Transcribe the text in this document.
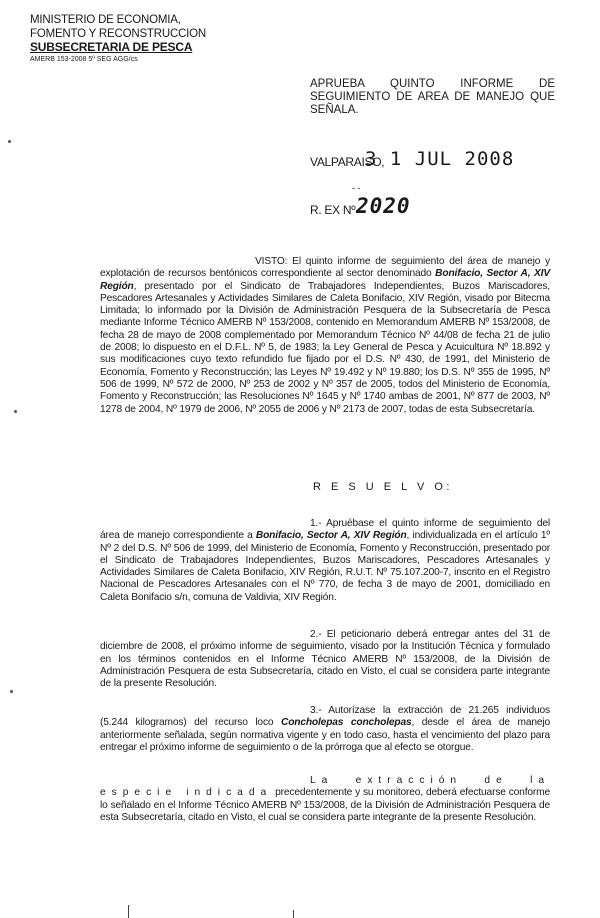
MINISTERIO DE ECONOMIA,
FOMENTO Y RECONSTRUCCION
SUBSECRETARIA DE PESCA
AMERB 153-2008 5º SEG AGG/cs
APRUEBA QUINTO INFORME DE SEGUIMIENTO DE AREA DE MANEJO QUE SEÑALA.
VALPARAISO,
3 1 JUL 2008
- -
R. EX Nº 2020
VISTO: El quinto informe de seguimiento del área de manejo y explotación de recursos bentónicos correspondiente al sector denominado Bonifacio, Sector A, XIV Región, presentado por el Sindicato de Trabajadores Independientes, Buzos Mariscadores, Pescadores Artesanales y Actividades Similares de Caleta Bonifacio, XIV Región, visado por Bitecma Limitada; lo informado por la División de Administración Pesquera de la Subsecretaría de Pesca mediante Informe Técnico AMERB Nº 153/2008, contenido en Memorandum AMERB Nº 153/2008, de fecha 28 de mayo de 2008 complementado por Memorandum Técnico Nº 44/08 de fecha 21 de julio de 2008; lo dispuesto en el D.F.L. Nº 5, de 1983; la Ley General de Pesca y Acuicultura Nº 18.892 y sus modificaciones cuyo texto refundido fue fijado por el D.S. Nº 430, de 1991, del Ministerio de Economía, Fomento y Reconstrucción; las Leyes Nº 19.492 y Nº 19.880; los D.S. Nº 355 de 1995, Nº 506 de 1999, Nº 572 de 2000, Nº 253 de 2002 y Nº 357 de 2005, todos del Ministerio de Economía, Fomento y Reconstrucción; las Resoluciones Nº 1645 y Nº 1740 ambas de 2001, Nº 877 de 2003, Nº 1278 de 2004, Nº 1979 de 2006, Nº 2055 de 2006 y Nº 2173 de 2007, todas de esta Subsecretaría.
R E S U E L V O:
1.- Apruébase el quinto informe de seguimiento del área de manejo correspondiente a Bonifacio, Sector A, XIV Región, individualizada en el artículo 1º Nº 2 del D.S. Nº 506 de 1999, del Ministerio de Economía, Fomento y Reconstrucción, presentado por el Sindicato de Trabajadores Independientes, Buzos Mariscadores, Pescadores Artesanales y Actividades Similares de Caleta Bonifacio, XIV Región, R.U.T. Nº 75.107.200-7, inscrito en el Registro Nacional de Pescadores Artesanales con el Nº 770, de fecha 3 de mayo de 2001, domiciliado en Caleta Bonifacio s/n, comuna de Valdivia, XIV Región.
2.- El peticionario deberá entregar antes del 31 de diciembre de 2008, el próximo informe de seguimiento, visado por la Institución Técnica y formulado en los términos contenidos en el Informe Técnico AMERB Nº 153/2008, de la División de Administración Pesquera de esta Subsecretaría, citado en Visto, el cual se considera parte integrante de la presente Resolución.
3.- Autorízase la extracción de 21.265 individuos (5.244 kilogramos) del recurso loco Concholepas concholepas, desde el área de manejo anteriormente señalada, según normativa vigente y en todo caso, hasta el vencimiento del plazo para entregar el próximo informe de seguimiento o de la prórroga que al efecto se otorgue.
La extracción de la especie indicada precedentemente y su monitoreo, deberá efectuarse conforme lo señalado en el Informe Técnico AMERB Nº 153/2008, de la División de Administración Pesquera de esta Subsecretaría, citado en Visto, el cual se considera parte integrante de la presente Resolución.
